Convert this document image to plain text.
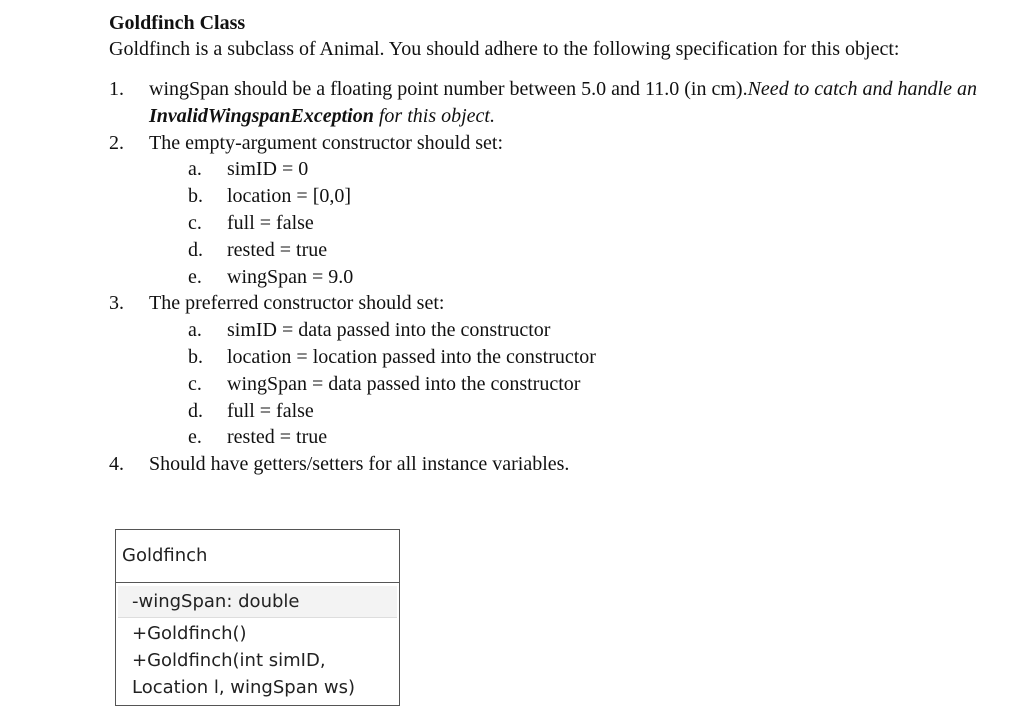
Goldfinch Class

Goldfinch is a subclass of Animal. You should adhere to the following specification for this object:

1.	wingSpan should be a floating point number between 5.0 and 11.0 (in cm).Need to catch and handle an InvalidWingspanException for this object.
2.	The empty-argument constructor should set:
a. simID = 0
b. location = [0,0]
c. full = false
d. rested = true
e. wingSpan = 9.0
3.	The preferred constructor should set:
a. simID = data passed into the constructor
b. location = location passed into the constructor
c. wingSpan = data passed into the constructor
d. full = false
e. rested = true
4.	Should have getters/setters for all instance variables.
Goldfinch
-wingSpan: double
+Goldfinch()
+Goldfinch(int simID,
Location l, wingSpan ws)
